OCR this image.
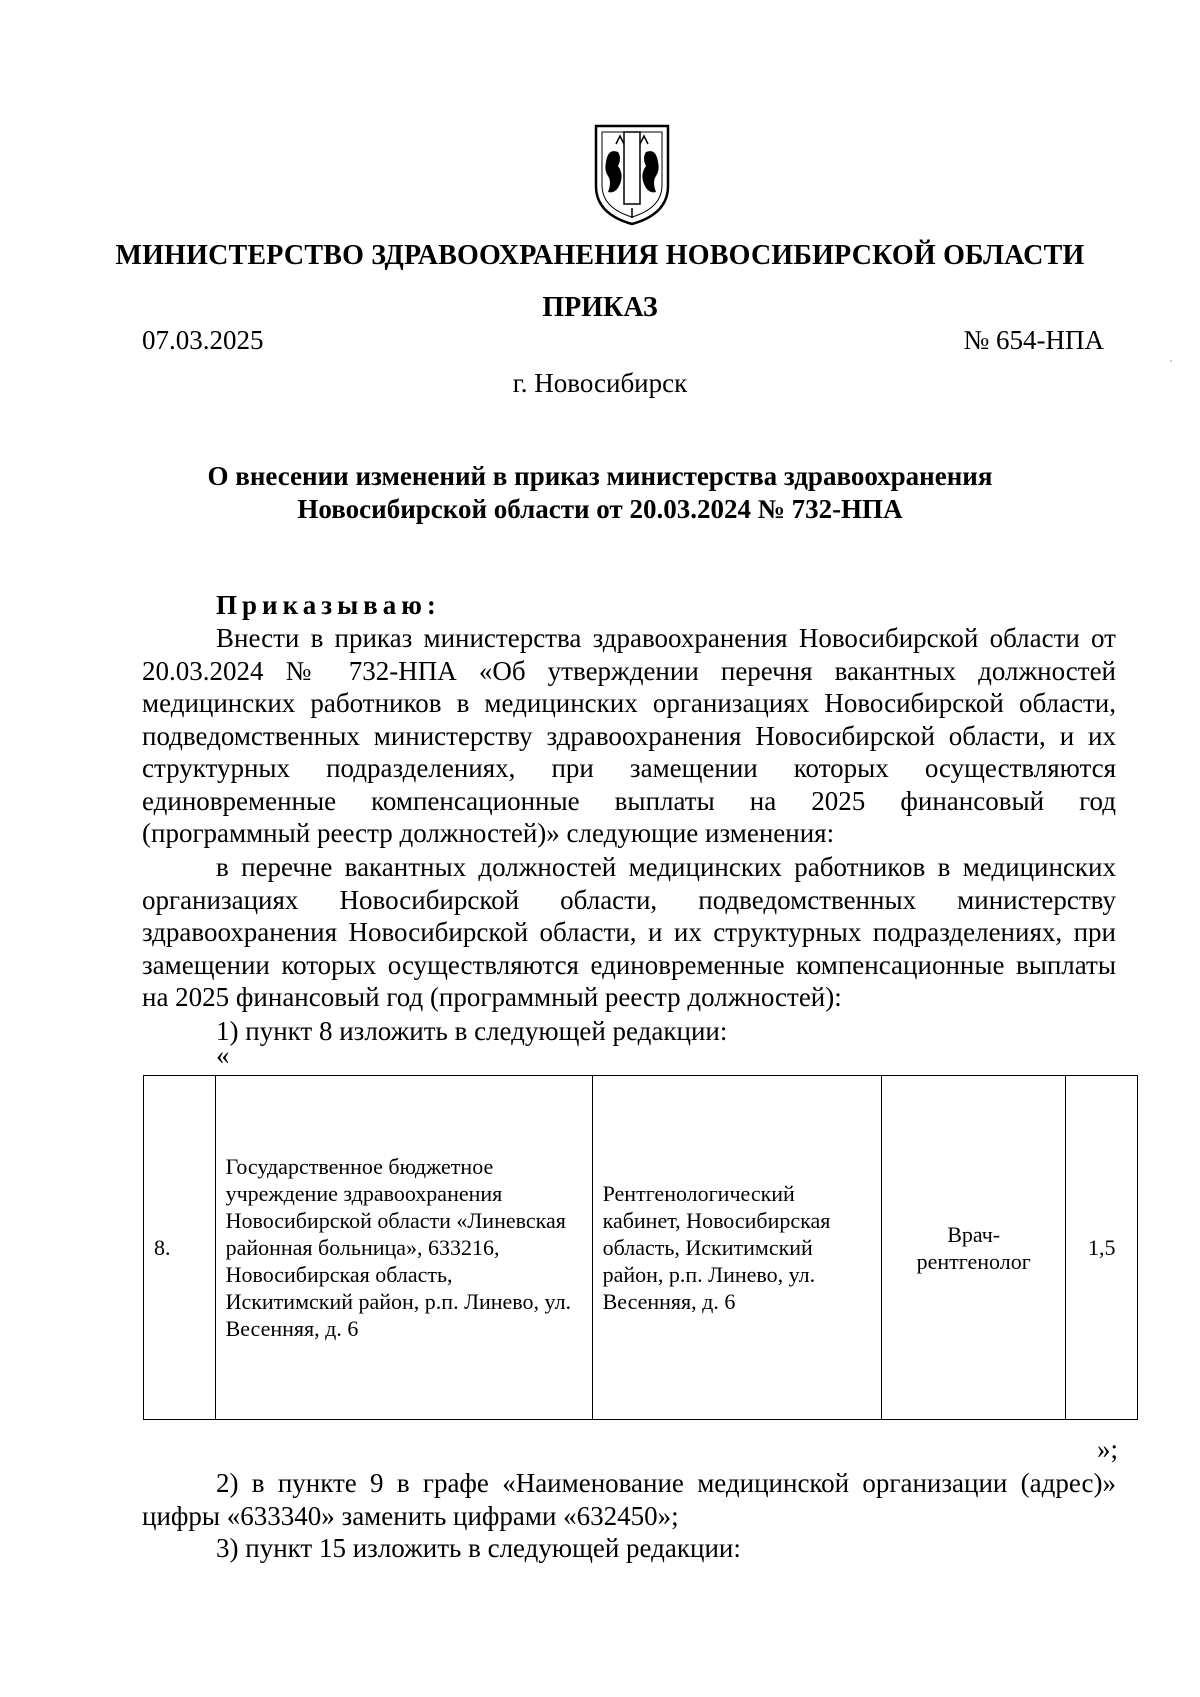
МИНИСТЕРСТВО ЗДРАВООХРАНЕНИЯ НОВОСИБИРСКОЙ ОБЛАСТИ
ПРИКАЗ
07.03.2025	№ 654-НПА
г. Новосибирск
О внесении изменений в приказ министерства здравоохранения
Новосибирской области от 20.03.2024 № 732-НПА
Приказываю:
Внести в приказ министерства здравоохранения Новосибирской области от 20.03.2024 № 732-НПА «Об утверждении перечня вакантных должностей медицинских работников в медицинских организациях Новосибирской области, подведомственных министерству здравоохранения Новосибирской области, и их структурных подразделениях, при замещении которых осуществляются единовременные компенсационные выплаты на 2025 финансовый год (программный реестр должностей)» следующие изменения:
в перечне вакантных должностей медицинских работников в медицинских организациях Новосибирской области, подведомственных министерству здравоохранения Новосибирской области, и их структурных подразделениях, при замещении которых осуществляются единовременные компенсационные выплаты на 2025 финансовый год (программный реестр должностей):
1) пункт 8 изложить в следующей редакции:
«
8.	Государственное бюджетное учреждение здравоохранения Новосибирской области «Линевская районная больница», 633216, Новосибирская область, Искитимский район, р.п. Линево, ул. Весенняя, д. 6	Рентгенологический кабинет, Новосибирская область, Искитимский район, р.п. Линево, ул. Весенняя, д. 6	Врач-рентгенолог	1,5
»;
2) в пункте 9 в графе «Наименование медицинской организации (адрес)» цифры «633340» заменить цифрами «632450»;
3) пункт 15 изложить в следующей редакции:
